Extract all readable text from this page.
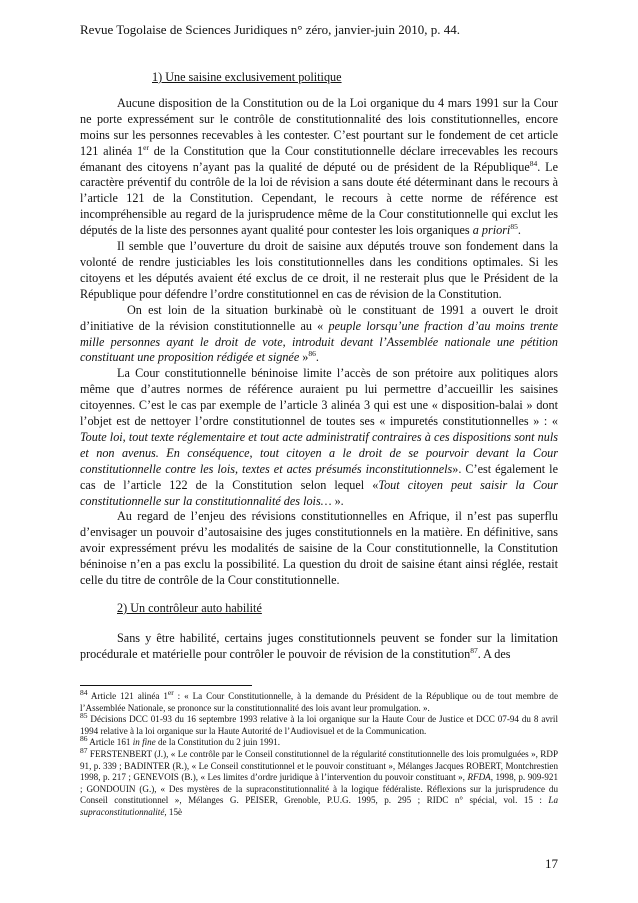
Revue Togolaise de Sciences Juridiques n° zéro, janvier-juin 2010, p. 44.
1) Une saisine exclusivement politique

Aucune disposition de la Constitution ou de la Loi organique du 4 mars 1991 sur la Cour ne porte expressément sur le contrôle de constitutionnalité des lois constitutionnelles, encore moins sur les personnes recevables à les contester. C’est pourtant sur le fondement de cet article 121 alinéa 1er de la Constitution que la Cour constitutionnelle déclare irrecevables les recours émanant des citoyens n’ayant pas la qualité de député ou de président de la République$^{84}$. Le caractère préventif du contrôle de la loi de révision a sans doute été déterminant dans le recours à l’article 121 de la Constitution. Cependant, le recours à cette norme de référence est incompréhensible au regard de la jurisprudence même de la Cour constitutionnelle qui exclut les députés de la liste des personnes ayant qualité pour contester les lois organiques a priori$^{85}$.

Il semble que l’ouverture du droit de saisine aux députés trouve son fondement dans la volonté de rendre justiciables les lois constitutionnelles dans les conditions optimales. Si les citoyens et les députés avaient été exclus de ce droit, il ne resterait plus que le Président de la République pour défendre l’ordre constitutionnel en cas de révision de la Constitution.

On est loin de la situation burkinabè où le constituant de 1991 a ouvert le droit d’initiative de la révision constitutionnelle au « peuple lorsqu’une fraction d’au moins trente mille personnes ayant le droit de vote, introduit devant l’Assemblée nationale une pétition constituant une proposition rédigée et signée »$^{86}$.

La Cour constitutionnelle béninoise limite l’accès de son prétoire aux politiques alors même que d’autres normes de référence auraient pu lui permettre d’accueillir les saisines citoyennes. C’est le cas par exemple de l’article 3 alinéa 3 qui est une « disposition-balai » dont l’objet est de nettoyer l’ordre constitutionnel de toutes ses « impuretés constitutionnelles » : « Toute loi, tout texte réglementaire et tout acte administratif contraires à ces dispositions sont nuls et non avenus. En conséquence, tout citoyen a le droit de se pourvoir devant la Cour constitutionnelle contre les lois, textes et actes présumés inconstitutionnels». C’est également le cas de l’article 122 de la Constitution selon lequel «Tout citoyen peut saisir la Cour constitutionnelle sur la constitutionnalité des lois… ».

Au regard de l’enjeu des révisions constitutionnelles en Afrique, il n’est pas superflu d’envisager un pouvoir d’autosaisine des juges constitutionnels en la matière. En définitive, sans avoir expressément prévu les modalités de saisine de la Cour constitutionnelle, la Constitution béninoise n’en a pas exclu la possibilité. La question du droit de saisine étant ainsi réglée, restait celle du titre de contrôle de la Cour constitutionnelle.

2) Un contrôleur auto habilité

Sans y être habilité, certains juges constitutionnels peuvent se fonder sur la limitation procédurale et matérielle pour contrôler le pouvoir de révision de la constitution$^{87}$. A des

$^{84}$ Article 121 alinéa 1er : « La Cour Constitutionnelle, à la demande du Président de la République ou de tout membre de l’Assemblée Nationale, se prononce sur la constitutionnalité des lois avant leur promulgation. ».

$^{85}$ Décisions DCC 01-93 du 16 septembre 1993 relative à la loi organique sur la Haute Cour de Justice et DCC 07-94 du 8 avril 1994 relative à la loi organique sur la Haute Autorité de l’Audiovisuel et de la Communication.

$^{86}$ Article 161 in fine de la Constitution du 2 juin 1991.

$^{87}$ FERSTENBERT (J.), « Le contrôle par le Conseil constitutionnel de la régularité constitutionnelle des lois promulguées », RDP 91, p. 339 ; BADINTER (R.), « Le Conseil constitutionnel et le pouvoir constituant », Mélanges Jacques ROBERT, Montchrestien 1998, p. 217 ; GENEVOIS (B.), « Les limites d’ordre juridique à l’intervention du pouvoir constituant », RFDA, 1998, p. 909-921 ; GONDOUIN (G.), « Des mystères de la supraconstitutionnalité à la logique fédéraliste. Réflexions sur la jurisprudence du Conseil constitutionnel », Mélanges G. PEISER, Grenoble, P.U.G. 1995, p. 295 ; RIDC n° spécial, vol. 15 : La supraconstitutionnalité, 15è

17
